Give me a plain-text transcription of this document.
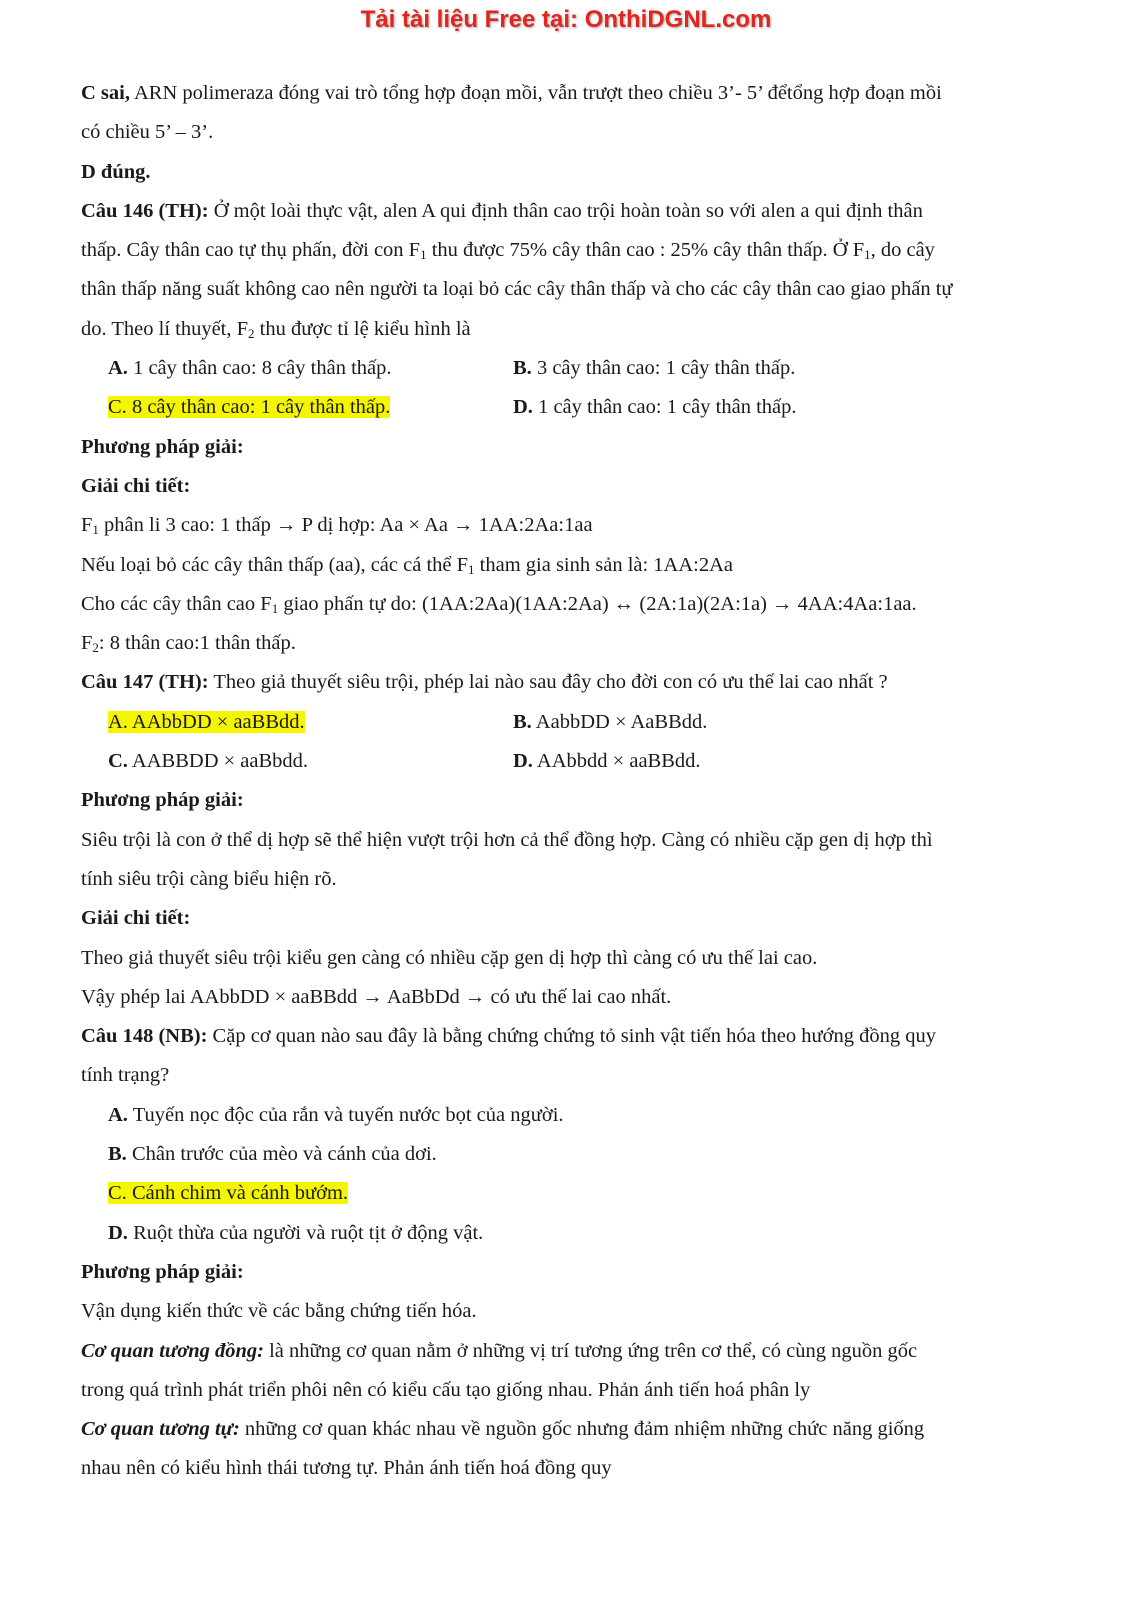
Tải tài liệu Free tại: OnthiDGNL.com

C sai, ARN polimeraza đóng vai trò tổng hợp đoạn mồi, vẫn trượt theo chiều 3’- 5’ đểtổng hợp đoạn mồi

có chiều 5’ – 3’.

D đúng.

Câu 146 (TH): Ở một loài thực vật, alen A qui định thân cao trội hoàn toàn so với alen a qui định thân

thấp. Cây thân cao tự thụ phấn, đời con $F_1$ thu được 75% cây thân cao : 25% cây thân thấp. Ở $F_1$, do cây

thân thấp năng suất không cao nên người ta loại bỏ các cây thân thấp và cho các cây thân cao giao phấn tự

do. Theo lí thuyết, $F_2$ thu được tỉ lệ kiểu hình là

A. 1 cây thân cao: 8 cây thân thấp.	B. 3 cây thân cao: 1 cây thân thấp.
C. 8 cây thân cao: 1 cây thân thấp.	D. 1 cây thân cao: 1 cây thân thấp.

Phương pháp giải:

Giải chi tiết:

$F_1$ phân li 3 cao: 1 thấp → P dị hợp: Aa × Aa → 1AA:2Aa:1aa

Nếu loại bỏ các cây thân thấp (aa), các cá thể $F_1$ tham gia sinh sản là: 1AA:2Aa

Cho các cây thân cao $F_1$ giao phấn tự do: (1AA:2Aa)(1AA:2Aa) ↔ (2A:1a)(2A:1a) → 4AA:4Aa:1aa.

$F_2$: 8 thân cao:1 thân thấp.

Câu 147 (TH): Theo giả thuyết siêu trội, phép lai nào sau đây cho đời con có ưu thế lai cao nhất ?

A. AAbbDD × aaBBdd.	B. AabbDD × AaBBdd.
C. AABBDD × aaBbdd.	D. AAbbdd × aaBBdd.

Phương pháp giải:

Siêu trội là con ở thể dị hợp sẽ thể hiện vượt trội hơn cả thể đồng hợp. Càng có nhiều cặp gen dị hợp thì

tính siêu trội càng biểu hiện rõ.

Giải chi tiết:

Theo giả thuyết siêu trội kiểu gen càng có nhiều cặp gen dị hợp thì càng có ưu thế lai cao.

Vậy phép lai AAbbDD × aaBBdd → AaBbDd → có ưu thế lai cao nhất.

Câu 148 (NB): Cặp cơ quan nào sau đây là bằng chứng chứng tỏ sinh vật tiến hóa theo hướng đồng quy

tính trạng?

A. Tuyến nọc độc của rắn và tuyến nước bọt của người.

B. Chân trước của mèo và cánh của dơi.

C. Cánh chim và cánh bướm.

D. Ruột thừa của người và ruột tịt ở động vật.

Phương pháp giải:

Vận dụng kiến thức về các bằng chứng tiến hóa.

Cơ quan tương đồng: là những cơ quan nằm ở những vị trí tương ứng trên cơ thể, có cùng nguồn gốc

trong quá trình phát triển phôi nên có kiểu cấu tạo giống nhau. Phản ánh tiến hoá phân ly

Cơ quan tương tự: những cơ quan khác nhau về nguồn gốc nhưng đảm nhiệm những chức năng giống

nhau nên có kiểu hình thái tương tự. Phản ánh tiến hoá đồng quy
